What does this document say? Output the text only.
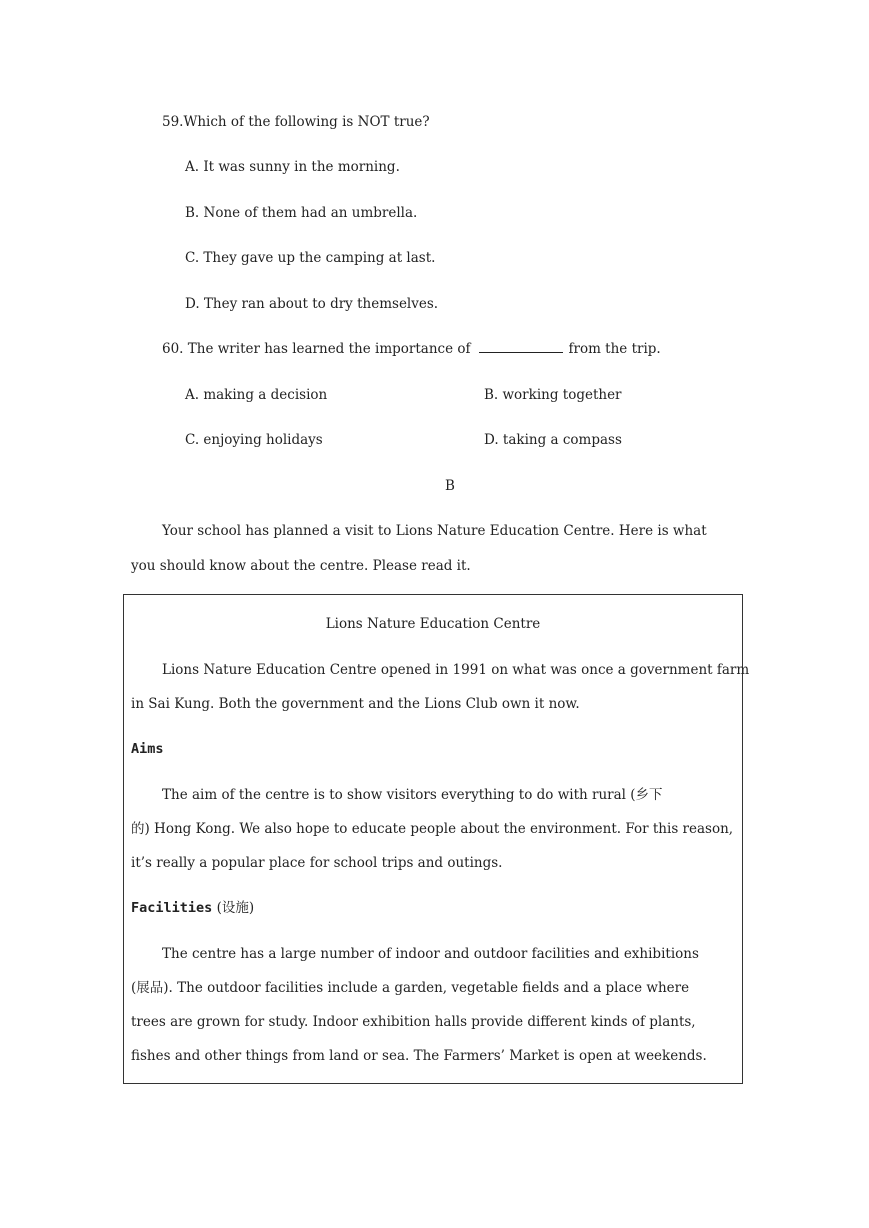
59.Which of the following is NOT true?
A. It was sunny in the morning.
B. None of them had an umbrella.
C. They gave up the camping at last.
D. They ran about to dry themselves.
60. The writer has learned the importance of	from the trip.
A. making a decision	B. working together
C. enjoying holidays	D. taking a compass
B
Your school has planned a visit to Lions Nature Education Centre. Here is what
you should know about the centre. Please read it.
Lions Nature Education Centre
Lions Nature Education Centre opened in 1991 on what was once a government farm
in Sai Kung. Both the government and the Lions Club own it now.
Aims
The aim of the centre is to show visitors everything to do with rural (乡下
的) Hong Kong. We also hope to educate people about the environment. For this reason,
it’s really a popular place for school trips and outings.
Facilities (设施)
The centre has a large number of indoor and outdoor facilities and exhibitions
(展品). The outdoor facilities include a garden, vegetable fields and a place where
trees are grown for study. Indoor exhibition halls provide different kinds of plants,
fishes and other things from land or sea. The Farmers’ Market is open at weekends.
